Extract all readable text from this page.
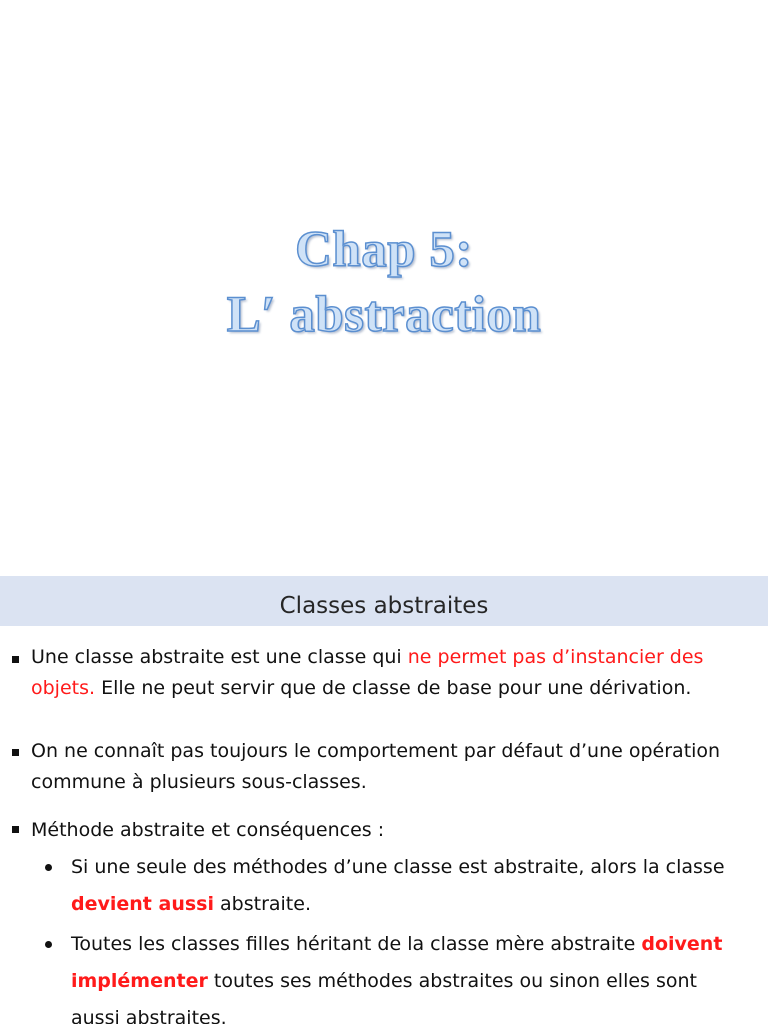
Chap 5:
L′ abstraction
Classes abstraites
Une classe abstraite est une classe qui ne permet pas d’instancier des objets. Elle ne peut servir que de classe de base pour une dérivation.
On ne connaît pas toujours le comportement par défaut d’une opération commune à plusieurs sous-classes.
Méthode abstraite et conséquences :
Si une seule des méthodes d’une classe est abstraite, alors la classe devient aussi abstraite.
Toutes les classes filles héritant de la classe mère abstraite doivent implémenter toutes ses méthodes abstraites ou sinon elles sont aussi abstraites.
